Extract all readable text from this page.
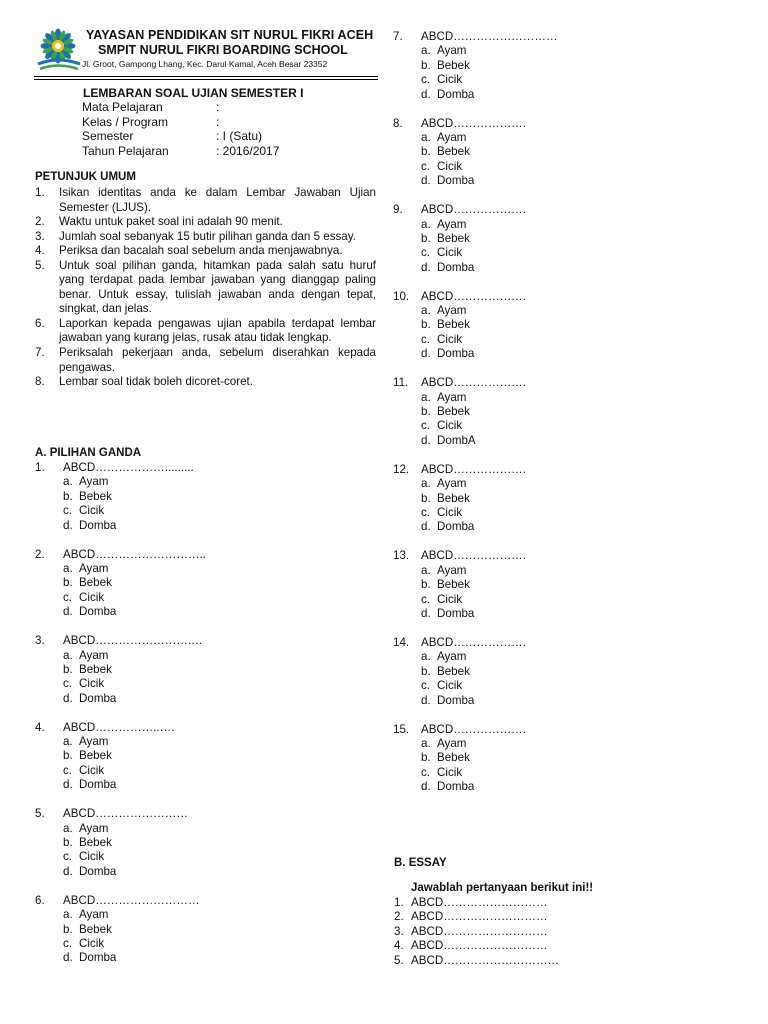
YAYASAN PENDIDIKAN SIT NURUL FIKRI ACEH
SMPIT NURUL FIKRI BOARDING SCHOOL
Jl. Groot, Gampong Lhang, Kec. Darul Kamal, Aceh Besar 23352
LEMBARAN SOAL UJIAN SEMESTER I
Mata Pelajaran	:
Kelas / Program	:
Semester	: I (Satu)
Tahun Pelajaran	: 2016/2017
PETUNJUK UMUM
1.	Isikan identitas anda ke dalam Lembar Jawaban Ujian Semester (LJUS).
2.	Waktu untuk paket soal ini adalah 90 menit.
3.	Jumlah soal sebanyak 15 butir pilihan ganda dan 5 essay.
4.	Periksa dan bacalah soal sebelum anda menjawabnya.
5.	Untuk soal pilihan ganda, hitamkan pada salah satu huruf yang terdapat pada lembar jawaban yang dianggap paling benar. Untuk essay, tulislah jawaban anda dengan tepat, singkat, dan jelas.
6.	Laporkan kepada pengawas ujian apabila terdapat lembar jawaban yang kurang jelas, rusak atau tidak lengkap.
7.	Periksalah pekerjaan anda, sebelum diserahkan kepada pengawas.
8.	Lembar soal tidak boleh dicoret-coret.
A. PILIHAN GANDA
1.	ABCD……………….........
a. Ayam
b. Bebek
c. Cicik
d. Domba
2.	ABCD………………………..
a. Ayam
b. Bebek
c. Cicik
d. Domba
3.	ABCD…………………….…
a. Ayam
b. Bebek
c. Cicik
d. Domba
4.	ABCD……………..….
a. Ayam
b. Bebek
c. Cicik
d. Domba
5.	ABCD……………………
a. Ayam
b. Bebek
c. Cicik
d. Domba
6.	ABCD………………………
a. Ayam
b. Bebek
c. Cicik
d. Domba
7.	ABCD………………………
a. Ayam
b. Bebek
c. Cicik
d. Domba
8.	ABCD……………….
a. Ayam
b. Bebek
c. Cicik
d. Domba
9.	ABCD……………….
a. Ayam
b. Bebek
c. Cicik
d. Domba
10.	ABCD……………….
a. Ayam
b. Bebek
c. Cicik
d. Domba
11.	ABCD……………….
a. Ayam
b. Bebek
c. Cicik
d. DombA
12.	ABCD……………….
a. Ayam
b. Bebek
c. Cicik
d. Domba
13.	ABCD……………….
a. Ayam
b. Bebek
c. Cicik
d. Domba
14.	ABCD……………….
a. Ayam
b. Bebek
c. Cicik
d. Domba
15.	ABCD……………….
a. Ayam
b. Bebek
c. Cicik
d. Domba
B. ESSAY
Jawablah pertanyaan berikut ini!!
1. ABCD………………………
2. ABCD………………………
3. ABCD………………………
4. ABCD………………………
5. ABCD…………………………
